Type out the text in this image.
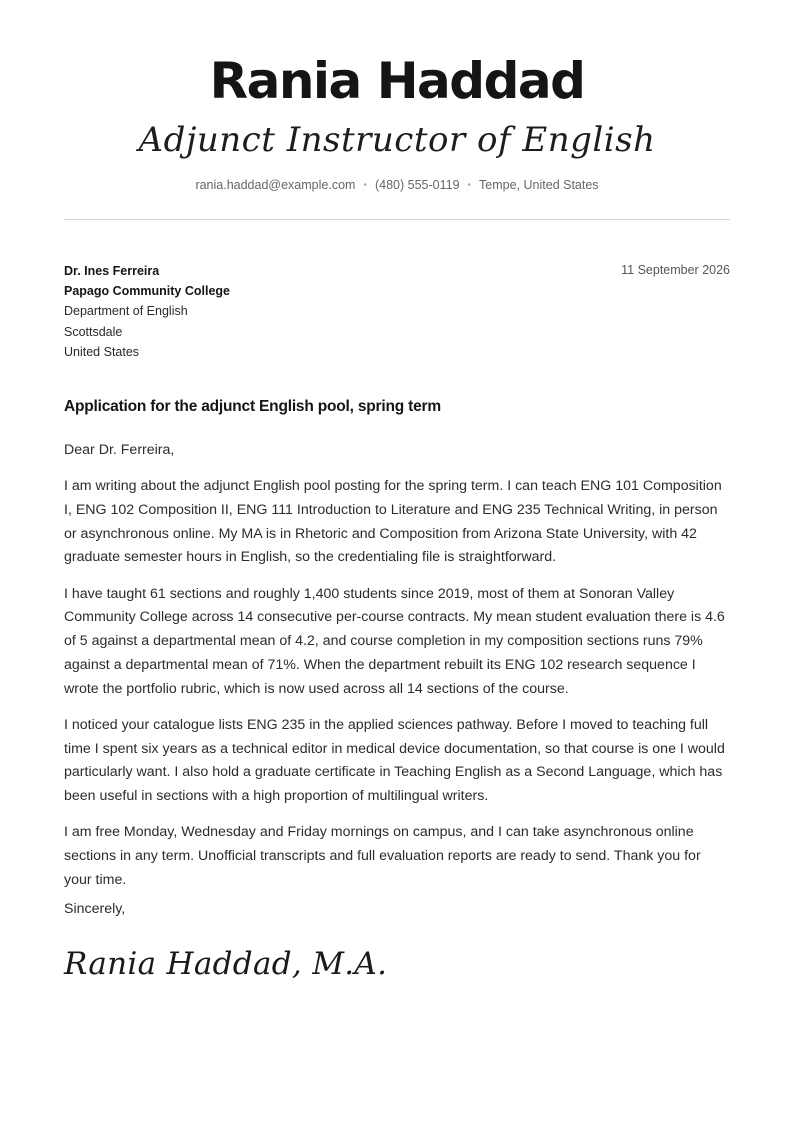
Rania Haddad
Adjunct Instructor of English
rania.haddad@example.com • (480) 555-0119 • Tempe, United States
Dr. Ines Ferreira
Papago Community College
Department of English
Scottsdale
United States
11 September 2026
Application for the adjunct English pool, spring term

Dear Dr. Ferreira,

I am writing about the adjunct English pool posting for the spring term. I can teach ENG 101 Composition I, ENG 102 Composition II, ENG 111 Introduction to Literature and ENG 235 Technical Writing, in person or asynchronous online. My MA is in Rhetoric and Composition from Arizona State University, with 42 graduate semester hours in English, so the credentialing file is straightforward.

I have taught 61 sections and roughly 1,400 students since 2019, most of them at Sonoran Valley Community College across 14 consecutive per-course contracts. My mean student evaluation there is 4.6 of 5 against a departmental mean of 4.2, and course completion in my composition sections runs 79% against a departmental mean of 71%. When the department rebuilt its ENG 102 research sequence I wrote the portfolio rubric, which is now used across all 14 sections of the course.

I noticed your catalogue lists ENG 235 in the applied sciences pathway. Before I moved to teaching full time I spent six years as a technical editor in medical device documentation, so that course is one I would particularly want. I also hold a graduate certificate in Teaching English as a Second Language, which has been useful in sections with a high proportion of multilingual writers.

I am free Monday, Wednesday and Friday mornings on campus, and I can take asynchronous online sections in any term. Unofficial transcripts and full evaluation reports are ready to send. Thank you for your time.

Sincerely,
Rania Haddad, M.A.
